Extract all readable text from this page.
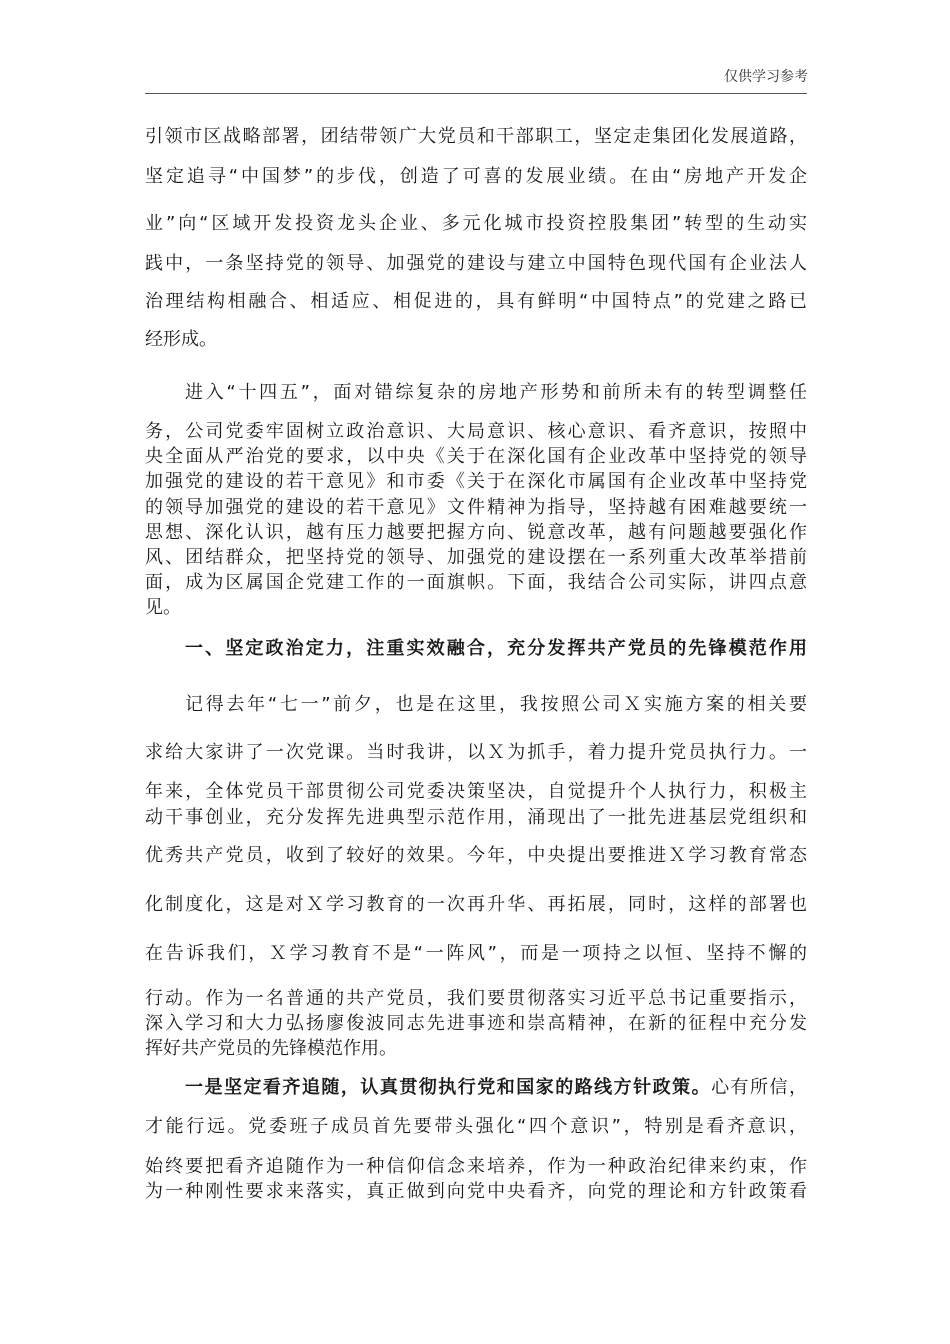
仅供学习参考
引领市区战略部署，团结带领广大党员和干部职工，坚定走集团化发展道路，
坚定追寻“中国梦”的步伐，创造了可喜的发展业绩。在由“房地产开发企
业”向“区域开发投资龙头企业、多元化城市投资控股集团”转型的生动实
践中，一条坚持党的领导、加强党的建设与建立中国特色现代国有企业法人
治理结构相融合、相适应、相促进的，具有鲜明“中国特点”的党建之路已
经形成。
进入“十四五”，面对错综复杂的房地产形势和前所未有的转型调整任
务，公司党委牢固树立政治意识、大局意识、核心意识、看齐意识，按照中
央全面从严治党的要求，以中央《关于在深化国有企业改革中坚持党的领导
加强党的建设的若干意见》和市委《关于在深化市属国有企业改革中坚持党
的领导加强党的建设的若干意见》文件精神为指导，坚持越有困难越要统一
思想、深化认识，越有压力越要把握方向、锐意改革，越有问题越要强化作
风、团结群众，把坚持党的领导、加强党的建设摆在一系列重大改革举措前
面，成为区属国企党建工作的一面旗帜。下面，我结合公司实际，讲四点意
见。
一、坚定政治定力，注重实效融合，充分发挥共产党员的先锋模范作用
记得去年“七一”前夕，也是在这里，我按照公司Ｘ实施方案的相关要
求给大家讲了一次党课。当时我讲，以Ｘ为抓手，着力提升党员执行力。一
年来，全体党员干部贯彻公司党委决策坚决，自觉提升个人执行力，积极主
动干事创业，充分发挥先进典型示范作用，涌现出了一批先进基层党组织和
优秀共产党员，收到了较好的效果。今年，中央提出要推进Ｘ学习教育常态
化制度化，这是对Ｘ学习教育的一次再升华、再拓展，同时，这样的部署也
在告诉我们，Ｘ学习教育不是“一阵风”，而是一项持之以恒、坚持不懈的
行动。作为一名普通的共产党员，我们要贯彻落实习近平总书记重要指示，
深入学习和大力弘扬廖俊波同志先进事迹和崇高精神，在新的征程中充分发
挥好共产党员的先锋模范作用。
一是坚定看齐追随，认真贯彻执行党和国家的路线方针政策。心有所信，
才能行远。党委班子成员首先要带头强化“四个意识”，特别是看齐意识，
始终要把看齐追随作为一种信仰信念来培养，作为一种政治纪律来约束，作
为一种刚性要求来落实，真正做到向党中央看齐，向党的理论和方针政策看
